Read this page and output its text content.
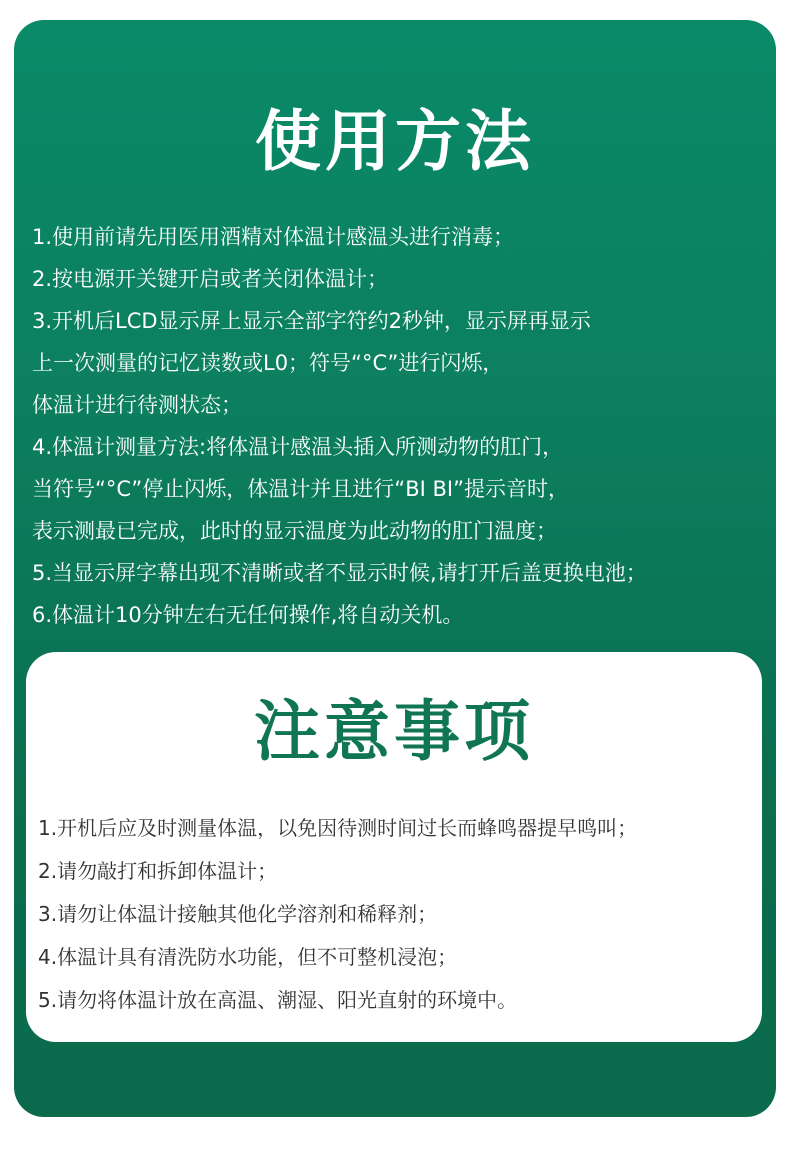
使用方法
1.使用前请先用医用酒精对体温计感温头进行消毒；
2.按电源开关键开启或者关闭体温计；
3.开机后LCD显示屏上显示全部字符约2秒钟，显示屏再显示
上一次测量的记忆读数或L0；符号“°C”进行闪烁，
体温计进行待测状态；
4.体温计测量方法:将体温计感温头插入所测动物的肛门，
当符号“°C”停止闪烁，体温计并且进行“BI BI”提示音时，
表示测最已完成，此时的显示温度为此动物的肛门温度；
5.当显示屏字幕出现不清晰或者不显示时候,请打开后盖更换电池；
6.体温计10分钟左右无任何操作,将自动关机。
注意事项
1.开机后应及时测量体温，以免因待测时间过长而蜂鸣器提早鸣叫；
2.请勿敲打和拆卸体温计；
3.请勿让体温计接触其他化学溶剂和稀释剂；
4.体温计具有清洗防水功能，但不可整机浸泡；
5.请勿将体温计放在高温、潮湿、阳光直射的环境中。
